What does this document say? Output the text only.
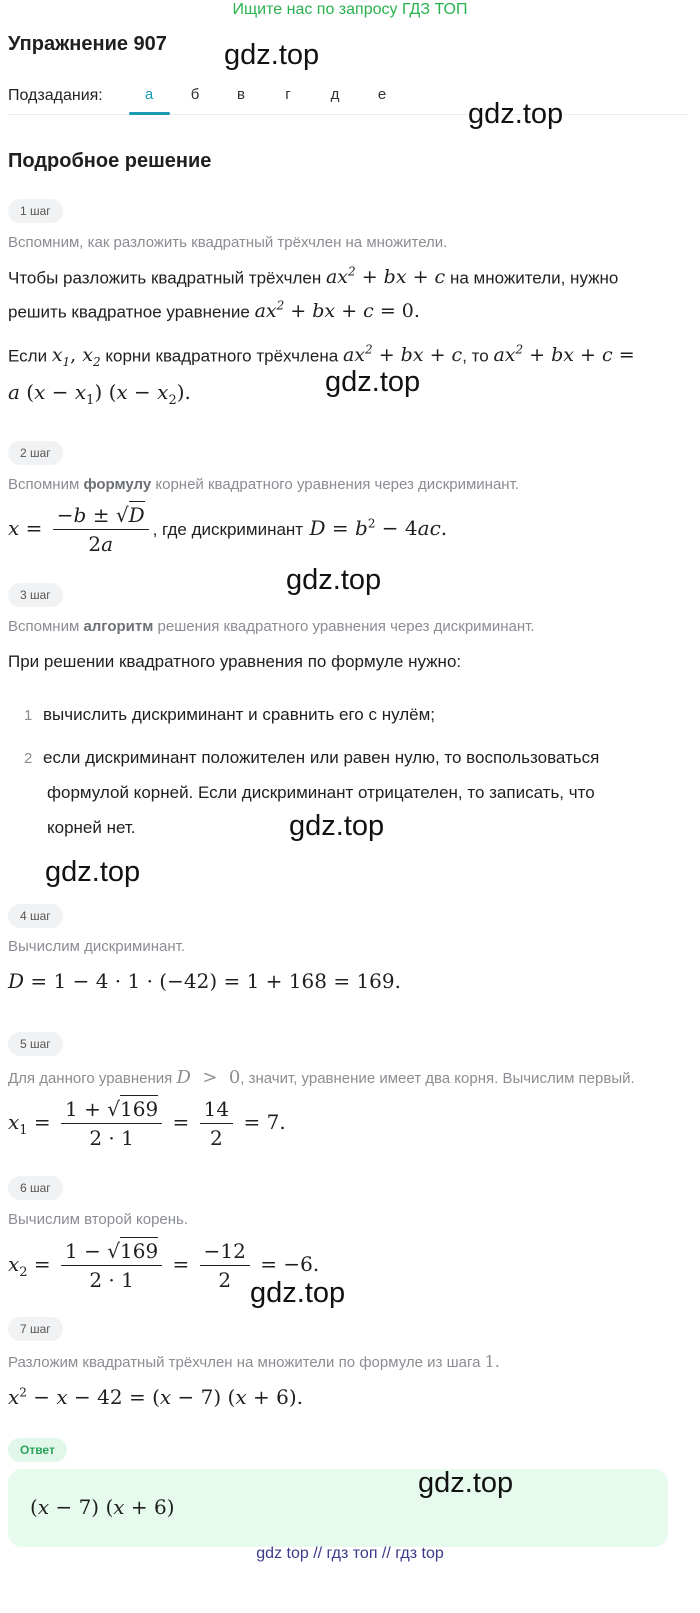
Ищите нас по запросу ГДЗ ТОП
Упражнение 907 gdz.top
Подзадания:	а	б	в	г	д	е
gdz.top
Подробное решение
1 шаг
Вспомним, как разложить квадратный трёхчлен на множители.
Чтобы разложить квадратный трёхчлен $ax^2$ + bx + c на множители, нужно
решить квадратное уравнение $ax^2$ + bx + c = 0.
Если $x_1$, $x_2$ корни квадратного трёхчлена $ax^2$ + bx + c, то $ax^2$ + bx + c =
a $(x - x_1)$ $(x - x_2)$.	gdz.top
2 шаг
Вспомним формулу корней квадратного уравнения через дискриминант.
$x = \frac{-b \pm √D}{2a}$ , где дискриминант $D = b^2 - 4ac$.
gdz.top
3 шаг
Вспомним алгоритм решения квадратного уравнения через дискриминант.
При решении квадратного уравнения по формуле нужно:
1 вычислить дискриминант и сравнить его с нулём;
2 если дискриминант положителен или равен нулю, то воспользоваться
формулой корней. Если дискриминант отрицателен, то записать, что
корней нет.	gdz.top
gdz.top
4 шаг
Вычислим дискриминант.
D = 1 − 4 · 1 · (−42) = 1 + 168 = 169.
5 шаг
Для данного уравнения D  >  0, значит, уравнение имеет два корня. Вычислим первый.
$x_1 = \frac{1 + √169}{2 \cdot 1} = \frac{14}{2} = 7$.
6 шаг
Вычислим второй корень.
$x_2 = \frac{1 - √169}{2 \cdot 1} = \frac{-12}{2} = -6$.
gdz.top
7 шаг
Разложим квадратный трёхчлен на множители по формуле из шага 1.
$x^2 - x - 42 = (x - 7) (x + 6)$.
Ответ
(x − 7) (x + 6)
gdz.top
gdz top // гдз топ // гдз top
